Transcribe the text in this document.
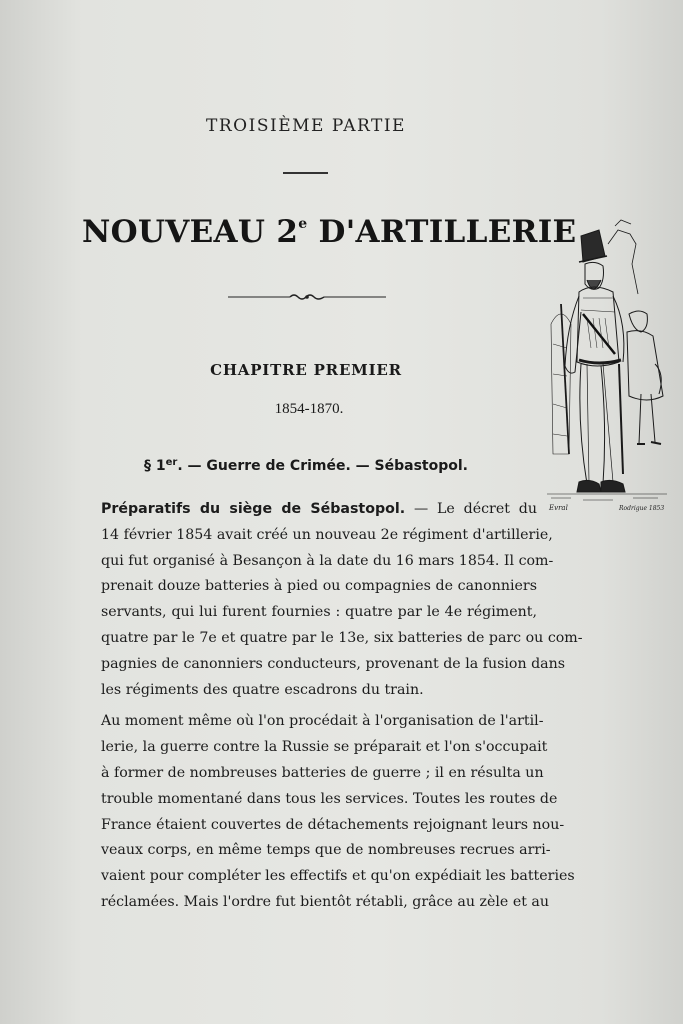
TROISIÈME PARTIE
NOUVEAU 2e D'ARTILLERIE
CHAPITRE PREMIER
1854-1870.
§ 1er. — Guerre de Crimée. — Sébastopol.
Evral	Rodrigue 1853
Préparatifs du siège de Sébastopol. — Le décret du
14 février 1854 avait créé un nouveau 2e régiment d'artillerie,
qui fut organisé à Besançon à la date du 16 mars 1854. Il com-
prenait douze batteries à pied ou compagnies de canonniers
servants, qui lui furent fournies : quatre par le 4e régiment,
quatre par le 7e et quatre par le 13e, six batteries de parc ou com-
pagnies de canonniers conducteurs, provenant de la fusion dans
les régiments des quatre escadrons du train.
Au moment même où l'on procédait à l'organisation de l'artil-
lerie, la guerre contre la Russie se préparait et l'on s'occupait
à former de nombreuses batteries de guerre ; il en résulta un
trouble momentané dans tous les services. Toutes les routes de
France étaient couvertes de détachements rejoignant leurs nou-
veaux corps, en même temps que de nombreuses recrues arri-
vaient pour compléter les effectifs et qu'on expédiait les batteries
réclamées. Mais l'ordre fut bientôt rétabli, grâce au zèle et au
